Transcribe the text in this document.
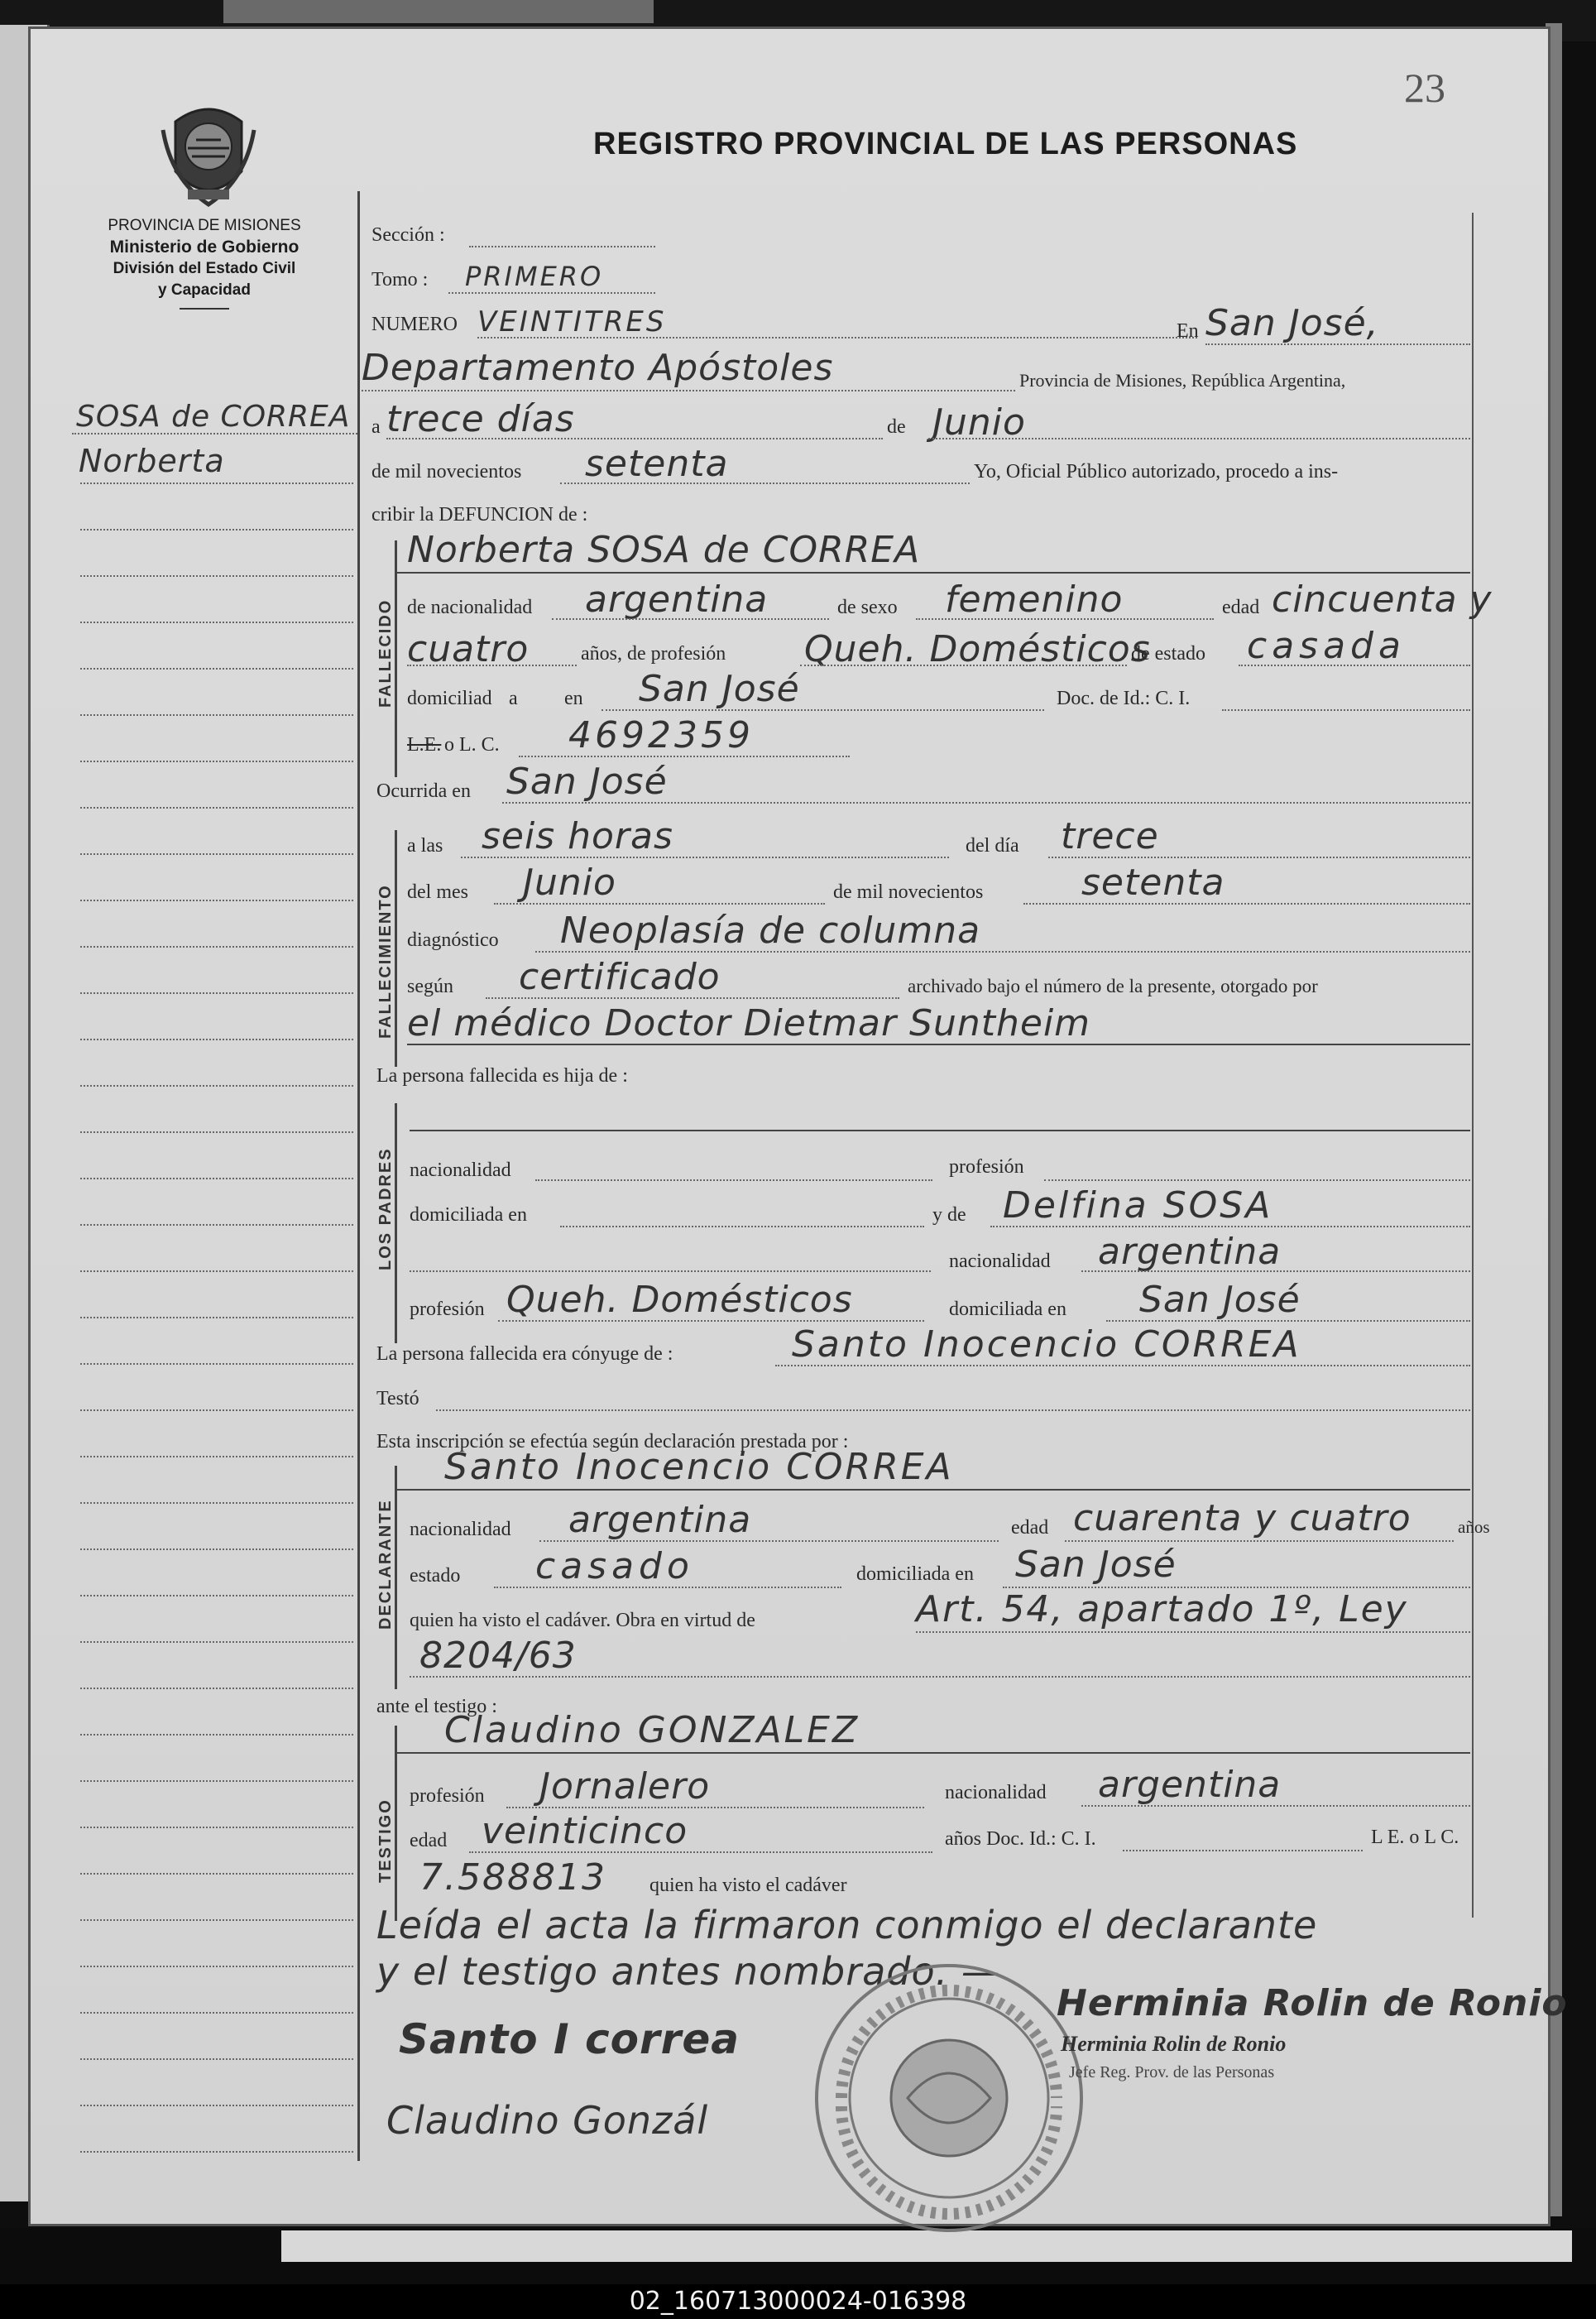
23
PROVINCIA DE MISIONES
Ministerio de Gobierno
División del Estado Civil
y Capacidad
REGISTRO PROVINCIAL DE LAS PERSONAS
SOSA de CORREA
Norberta
Sección :
Tomo : PRIMERO
NUMERO VEINTITRES	En San José,
Departamento Apóstoles	Provincia de Misiones, República Argentina,
a trece días	de Junio
de mil novecientos setenta	Yo, Oficial Público autorizado, procedo a ins-
cribir la DEFUNCION de :
FALLECIDO
Norberta SOSA de CORREA
de nacionalidad argentina	de sexo femenino	edad cincuenta y
cuatro	años, de profesión Queh. Domésticos
de estado casada
domiciliad a en San José	Doc. de Id.: C. I.
L.E. o L. C. 4692359
Ocurrida en San José
FALLECIMIENTO
a las seis horas	del día trece
del mes Junio	de mil novecientos	setenta
diagnóstico Neoplasía de columna
según certificado	archivado bajo el número de la presente, otorgado por
el médico Doctor Dietmar Suntheim
La persona fallecida es hija de :
LOS PADRES nacionalidad	profesión
domiciliada en	y de Delfina SOSA
nacionalidad argentina
profesión Queh. Domésticos	domiciliada en San José
La persona fallecida era cónyuge de :	Santo Inocencio CORREA
Testó
Esta inscripción se efectúa según declaración prestada por :
DECLARANTE
Santo Inocencio CORREA
nacionalidad argentina	edad cuarenta y cuatro	años
estado casado	domiciliada en San José
quien ha visto el cadáver. Obra en virtud de	Art. 54, apartado 1º, Ley
8204/63
ante el testigo :
TESTIGO
Claudino GONZALEZ
profesión Jornalero	nacionalidad argentina
edad veinticinco	años Doc. Id.: C. I.	L E. o L C.
7.588813 quien ha visto el cadáver
Leída el acta la firmaron conmigo el declarante
y el testigo antes nombrado. —
Santo I correa
Claudino Gonzál
Herminia Rolin de Ronio
Herminia Rolin de Ronio
Jefe Reg. Prov. de las Personas
02_160713000024-016398
